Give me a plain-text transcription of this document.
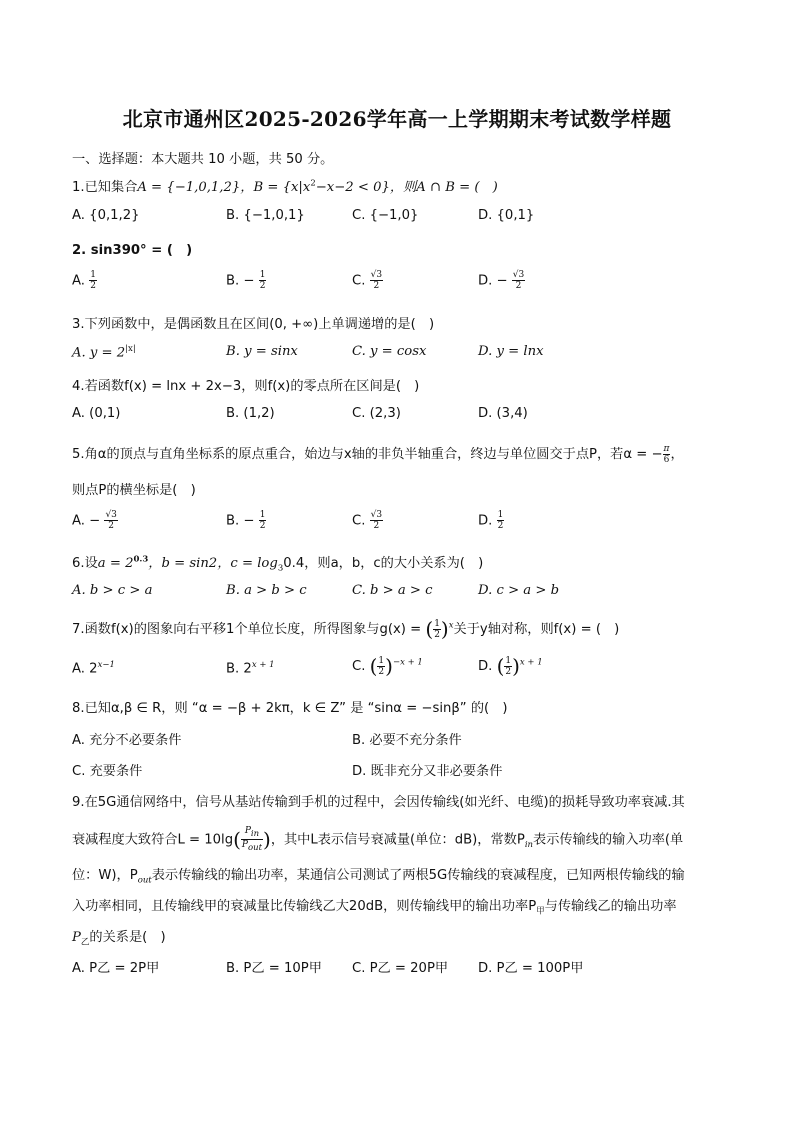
北京市通州区2025-2026学年高一上学期期末考试数学样题
一、选择题：本大题共 10 小题，共 50 分。
1.已知集合A = {−1,0,1,2}，$B = \{x|x^2-x-2 < 0\}$，则A ∩ B = (　)
A. {0,1,2}	B. {−1,0,1}	C. {−1,0}	D. {0,1}
2. sin390° = (　)
A. $\frac{1}{2}$	B. − $\frac{1}{2}$	C. $\frac{√3}{2}$	D. − $\frac{√3}{2}$
3.下列函数中，是偶函数且在区间(0, +∞)上单调递增的是(　)
A. $y = 2^{|x|}$	B. y = sinx	C. y = cosx	D. y = lnx
4.若函数f(x) = lnx + 2x−3，则f(x)的零点所在区间是(　)
A. (0,1)	B. (1,2)	C. (2,3)	D. (3,4)
5.角α的顶点与直角坐标系的原点重合，始边与x轴的非负半轴重合，终边与单位圆交于点P，若α = − $\frac{\pi}{6}$ ，
则点P的横坐标是(　)
A. − $\frac{√3}{2}$	B. − $\frac{1}{2}$	C. $\frac{√3}{2}$	D. $\frac{1}{2}$
6.设$a = 2^{0.3}$，b = sin2，$c = \log_30.4$，则a，b，c的大小关系为(　)
A. b > c > a	B. a > b > c	C. b > a > c	D. c > a > b
7.函数f(x)的图象向右平移1个单位长度，所得图象与g(x) = ( $\frac{1}{2} )^x$关于y轴对称，则f(x) = (　)
A. $2^{x-1}$	B. $2^{x + 1}$	C. ( $\frac{1}{2} )^{-x + 1}$	D. ( $\frac{1}{2} )^{x + 1}$
8.已知α,β ∈ R，则 “α = −β + 2kπ，k ∈ Z” 是 “sinα = −sinβ” 的(　)
A. 充分不必要条件	B. 必要不充分条件
C. 充要条件	D. 既非充分又非必要条件
9.在5G通信网络中，信号从基站传输到手机的过程中，会因传输线(如光纤、电缆)的损耗导致功率衰减.其
衰减程度大致符合$L = 10\lg( \frac{P_{in}}{P_{out}}$ )，其中L表示信号衰减量(单位：dB)，常数$P_{in}$表示传输线的输入功率(单
位：W)，$P_{out}$表示传输线的输出功率，某通信公司测试了两根5G传输线的衰减程度，已知两根传输线的输
入功率相同，且传输线甲的衰减量比传输线乙大20dB，则传输线甲的输出功率$P_甲$与传输线乙的输出功率
$P_乙$的关系是(　)
A. P乙 = 2P甲	B. P乙 = 10P甲 C. P乙 = 20P甲 D. P乙 = 100P甲
